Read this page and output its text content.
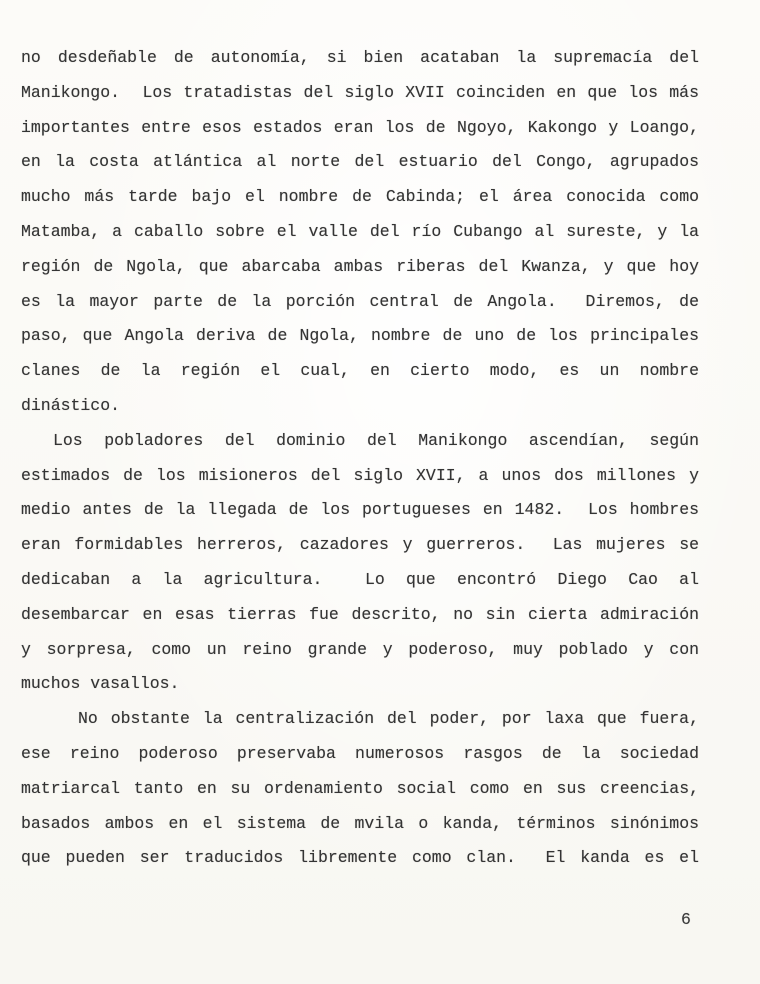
no desdeñable de autonomía, si bien acataban la supremacía del
Manikongo.  Los tratadistas del siglo XVII coinciden en que los más
importantes entre esos estados eran los de Ngoyo, Kakongo y Loango,
en la costa atlántica al norte del estuario del Congo, agrupados
mucho más tarde bajo el nombre de Cabinda; el área conocida como
Matamba, a caballo sobre el valle del río Cubango al sureste, y la
región de Ngola, que abarcaba ambas riberas del Kwanza, y que hoy
es la mayor parte de la porción central de Angola.  Diremos, de
paso, que Angola deriva de Ngola, nombre de uno de los principales
clanes de la región el cual, en cierto modo, es un nombre
dinástico.
Los pobladores del dominio del Manikongo ascendían, según
estimados de los misioneros del siglo XVII, a unos dos millones y
medio antes de la llegada de los portugueses en 1482.  Los hombres
eran formidables herreros, cazadores y guerreros.  Las mujeres se
dedicaban a la agricultura.  Lo que encontró Diego Cao al
desembarcar en esas tierras fue descrito, no sin cierta admiración
y sorpresa, como un reino grande y poderoso, muy poblado y con
muchos vasallos.
No obstante la centralización del poder, por laxa que fuera,
ese reino poderoso preservaba numerosos rasgos de la sociedad
matriarcal tanto en su ordenamiento social como en sus creencias,
basados ambos en el sistema de mvila o kanda, términos sinónimos
que pueden ser traducidos libremente como clan.  El kanda es el
6
